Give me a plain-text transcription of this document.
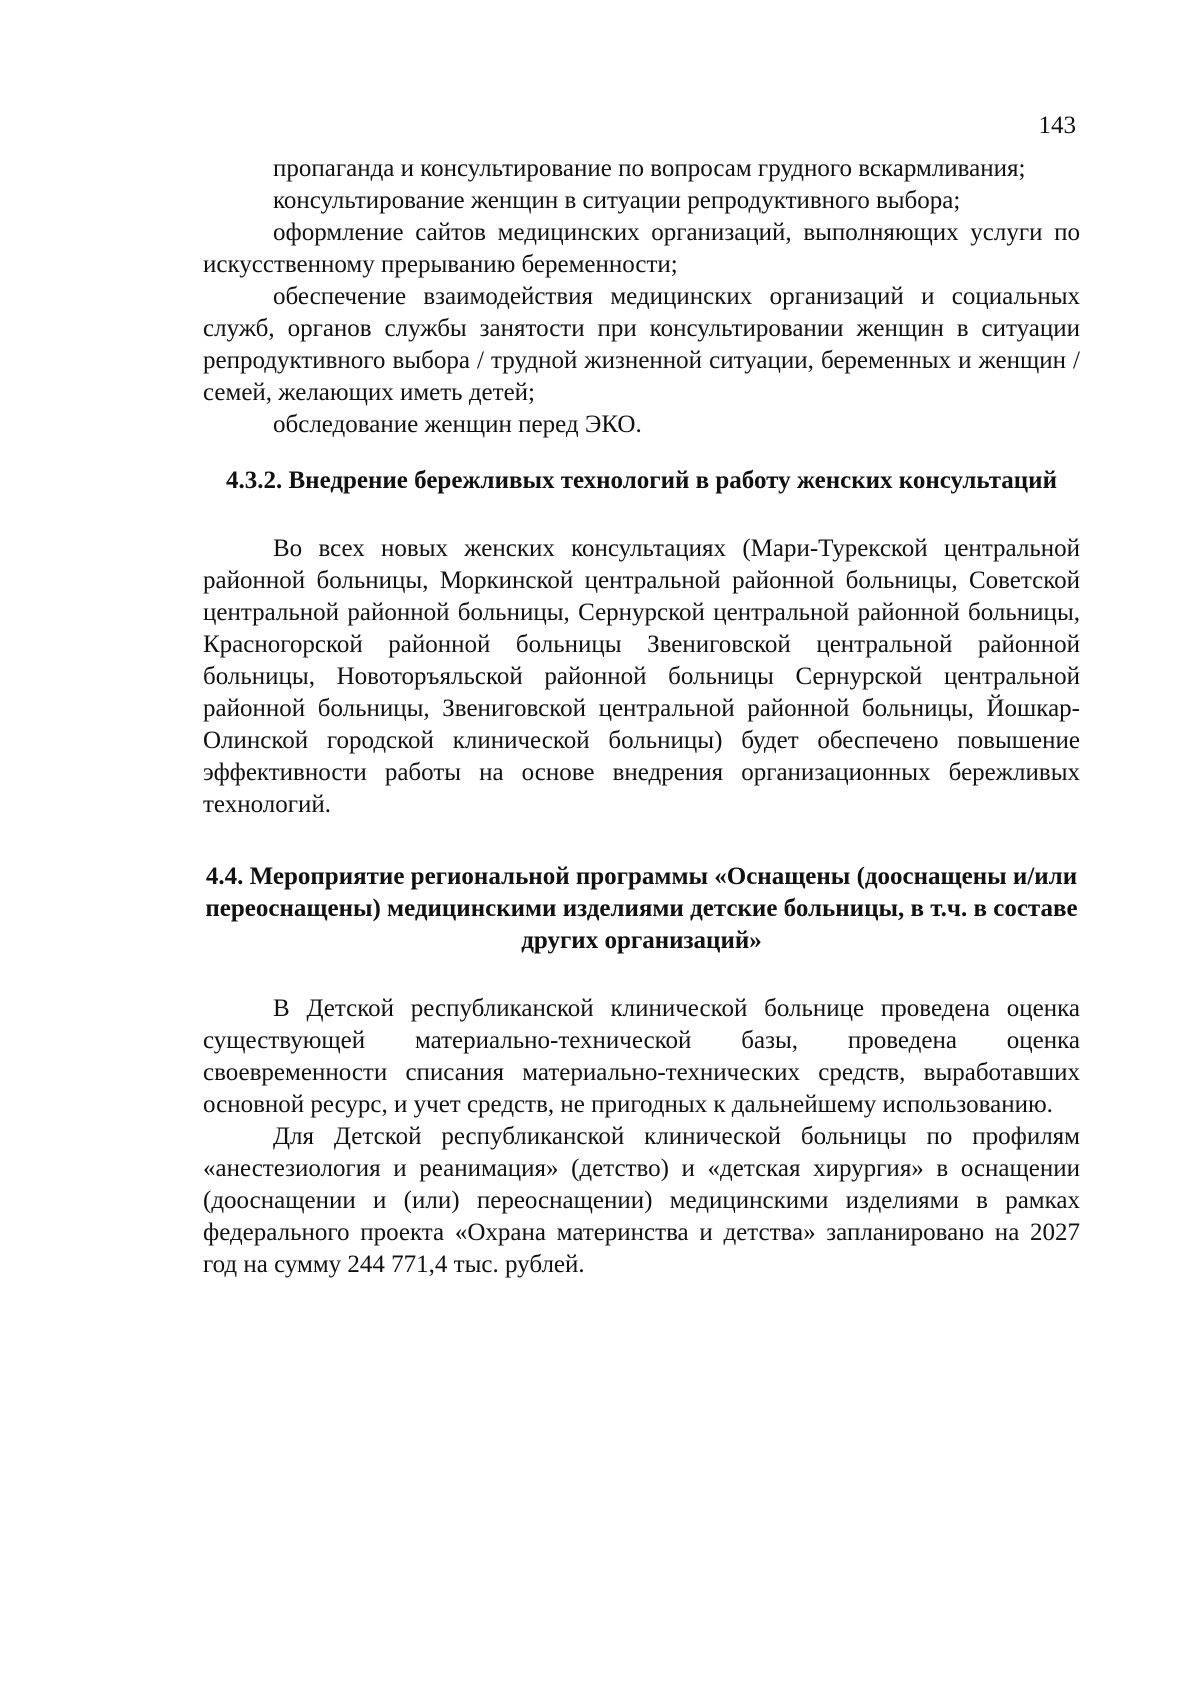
143

пропаганда и консультирование по вопросам грудного вскармливания;

консультирование женщин в ситуации репродуктивного выбора;

оформление сайтов медицинских организаций, выполняющих услуги по искусственному прерыванию беременности;

обеспечение взаимодействия медицинских организаций и социальных служб, органов службы занятости при консультировании женщин в ситуации репродуктивного выбора / трудной жизненной ситуации, беременных и женщин / семей, желающих иметь детей;

обследование женщин перед ЭКО.

4.3.2. Внедрение бережливых технологий в работу женских консультаций

Во всех новых женских консультациях (Мари-Турекской центральной районной больницы, Моркинской центральной районной больницы, Советской центральной районной больницы, Сернурской центральной районной больницы, Красногорской районной больницы Звениговской центральной районной больницы, Новоторъяльской районной больницы Сернурской центральной районной больницы, Звениговской центральной районной больницы, Йошкар-Олинской городской клинической больницы) будет обеспечено повышение эффективности работы на основе внедрения организационных бережливых технологий.

4.4. Мероприятие региональной программы «Оснащены (дооснащены и/или переоснащены) медицинскими изделиями детские больницы, в т.ч. в составе других организаций»

В Детской республиканской клинической больнице проведена оценка существующей материально-технической базы, проведена оценка своевременности списания материально-технических средств, выработавших основной ресурс, и учет средств, не пригодных к дальнейшему использованию.

Для Детской республиканской клинической больницы по профилям «анестезиология и реанимация» (детство) и «детская хирургия» в оснащении (дооснащении и (или) переоснащении) медицинскими изделиями в рамках федерального проекта «Охрана материнства и детства» запланировано на 2027 год на сумму 244 771,4 тыс. рублей.
